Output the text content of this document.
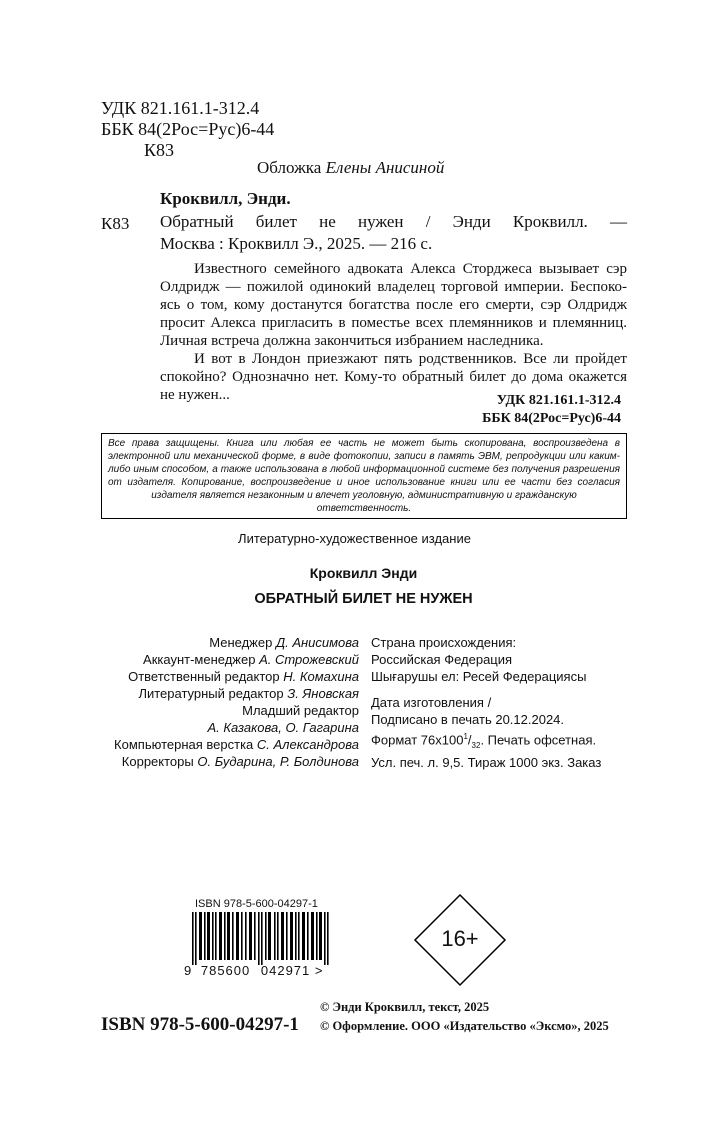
УДК 821.161.1-312.4
ББК 84(2Рос=Рус)6-44
К83
Обложка Елены Анисиной
Кроквилл, Энди.
К83 Обратный билет не нужен / Энди Кроквилл. —
Москва : Кроквилл Э., 2025. — 216 с.

Известного семейного адвоката Алекса Сторджеса вызывает сэр
Олдридж — пожилой одинокий владелец торговой империи. Беспоко-
ясь о том, кому достанутся богатства после его смерти, сэр Олдридж
просит Алекса пригласить в поместье всех племянников и племянниц.
Личная встреча должна закончиться избранием наследника.

И вот в Лондон приезжают пять родственников. Все ли пройдет
спокойно? Однозначно нет. Кому-то обратный билет до дома окажется
не нужен...	УДК 821.161.1-312.4
ББК 84(2Рос=Рус)6-44
Все права защищены. Книга или любая ее часть не может быть скопирована, воспроизведена в
электронной или механической форме, в виде фотокопии, записи в память ЭВМ, репродукции или каким-
либо иным способом, а также использована в любой информационной системе без получения разрешения
от издателя. Копирование, воспроизведение и иное использование книги или ее части без согласия
издателя является незаконным и влечет уголовную, административную и гражданскую ответственность.
Литературно-художественное издание
Кроквилл Энди
ОБРАТНЫЙ БИЛЕТ НЕ НУЖЕН
Менеджер Д. Анисимова
Аккаунт-менеджер А. Строжевский
Ответственный редактор Н. Комахина
Литературный редактор З. Яновская
Младший редактор
А. Казакова, О. Гагарина
Компьютерная верстка С. Александрова
Корректоры О. Бударина, Р. Болдинова
Страна происхождения:
Российская Федерация
Шығарушы ел: Ресей Федерациясы
Дата изготовления /
Подписано в печать 20.12.2024.
Формат $76х100^1/_{32}$. Печать офсетная.
Усл. печ. л. 9,5. Тираж 1000 экз. Заказ
ISBN 978-5-600-04297-1
9 785600 042971 >
16+
© Энди Кроквилл, текст, 2025
© Оформление. ООО «Издательство «Эксмо», 2025
ISBN 978-5-600-04297-1
